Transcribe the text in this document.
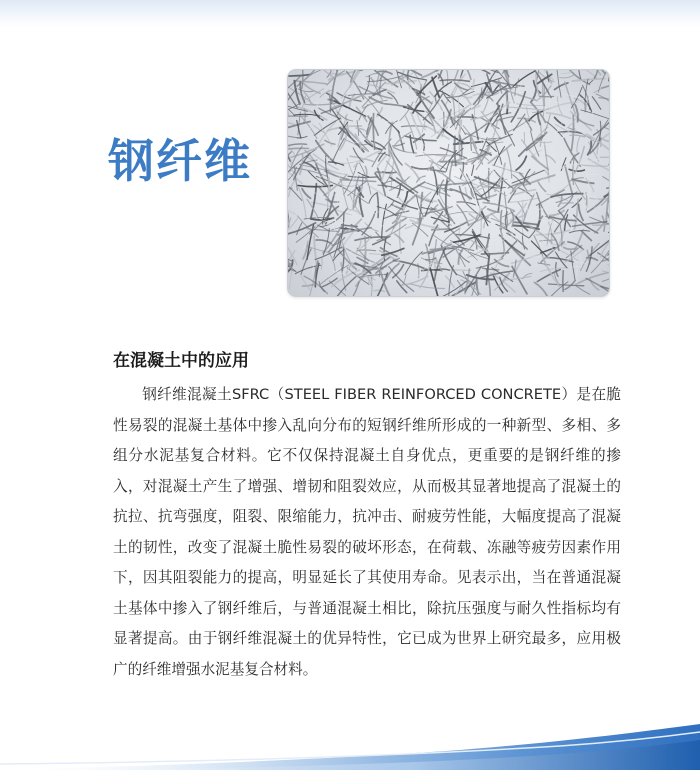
钢纤维
在混凝土中的应用

钢纤维混凝土SFRC（STEEL FIBER REINFORCED CONCRETE）是在脆性易裂的混凝土基体中掺入乱向分布的短钢纤维所形成的一种新型、多相、多组分水泥基复合材料。它不仅保持混凝土自身优点，更重要的是钢纤维的掺入，对混凝土产生了增强、增韧和阻裂效应，从而极其显著地提高了混凝土的抗拉、抗弯强度，阻裂、限缩能力，抗冲击、耐疲劳性能，大幅度提高了混凝土的韧性，改变了混凝土脆性易裂的破坏形态，在荷载、冻融等疲劳因素作用下，因其阻裂能力的提高，明显延长了其使用寿命。见表示出，当在普通混凝土基体中掺入了钢纤维后，与普通混凝土相比，除抗压强度与耐久性指标均有显著提高。由于钢纤维混凝土的优异特性，它已成为世界上研究最多，应用极广的纤维增强水泥基复合材料。
